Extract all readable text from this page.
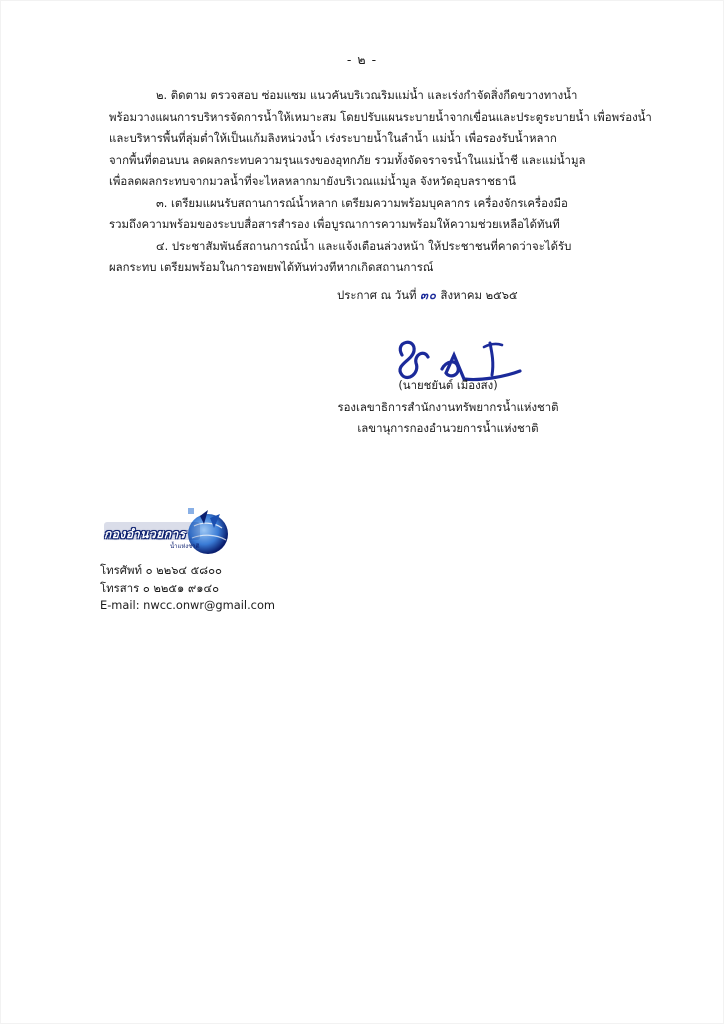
- ๒ -

๒. ติดตาม ตรวจสอบ ซ่อมแซม แนวคันบริเวณริมแม่น้ำ และเร่งกำจัดสิ่งกีดขวางทางน้ำ
พร้อมวางแผนการบริหารจัดการน้ำให้เหมาะสม โดยปรับแผนระบายน้ำจากเขื่อนและประตูระบายน้ำ เพื่อพร่องน้ำ
และบริหารพื้นที่ลุ่มต่ำให้เป็นแก้มลิงหน่วงน้ำ เร่งระบายน้ำในลำน้ำ แม่น้ำ เพื่อรองรับน้ำหลาก
จากพื้นที่ตอนบน ลดผลกระทบความรุนแรงของอุทกภัย รวมทั้งจัดจราจรน้ำในแม่น้ำชี และแม่น้ำมูล
เพื่อลดผลกระทบจากมวลน้ำที่จะไหลหลากมายังบริเวณแม่น้ำมูล จังหวัดอุบลราชธานี

๓. เตรียมแผนรับสถานการณ์น้ำหลาก เตรียมความพร้อมบุคลากร เครื่องจักรเครื่องมือ
รวมถึงความพร้อมของระบบสื่อสารสำรอง เพื่อบูรณาการความพร้อมให้ความช่วยเหลือได้ทันที

๔. ประชาสัมพันธ์สถานการณ์น้ำ และแจ้งเตือนล่วงหน้า ให้ประชาชนที่คาดว่าจะได้รับ
ผลกระทบ เตรียมพร้อมในการอพยพได้ทันท่วงทีหากเกิดสถานการณ์

ประกาศ ณ วันที่ ๓๐ สิงหาคม ๒๕๖๕
(นายชยันต์ เมืองสง)
รองเลขาธิการสำนักงานทรัพยากรน้ำแห่งชาติ
เลขานุการกองอำนวยการน้ำแห่งชาติ
กองอำนวยการ
น้ำแห่งชาติ
โทรศัพท์ ๐ ๒๒๖๔ ๕๘๐๐
โทรสาร ๐ ๒๒๕๑ ๙๑๔๐
E-mail: nwcc.onwr@gmail.com
